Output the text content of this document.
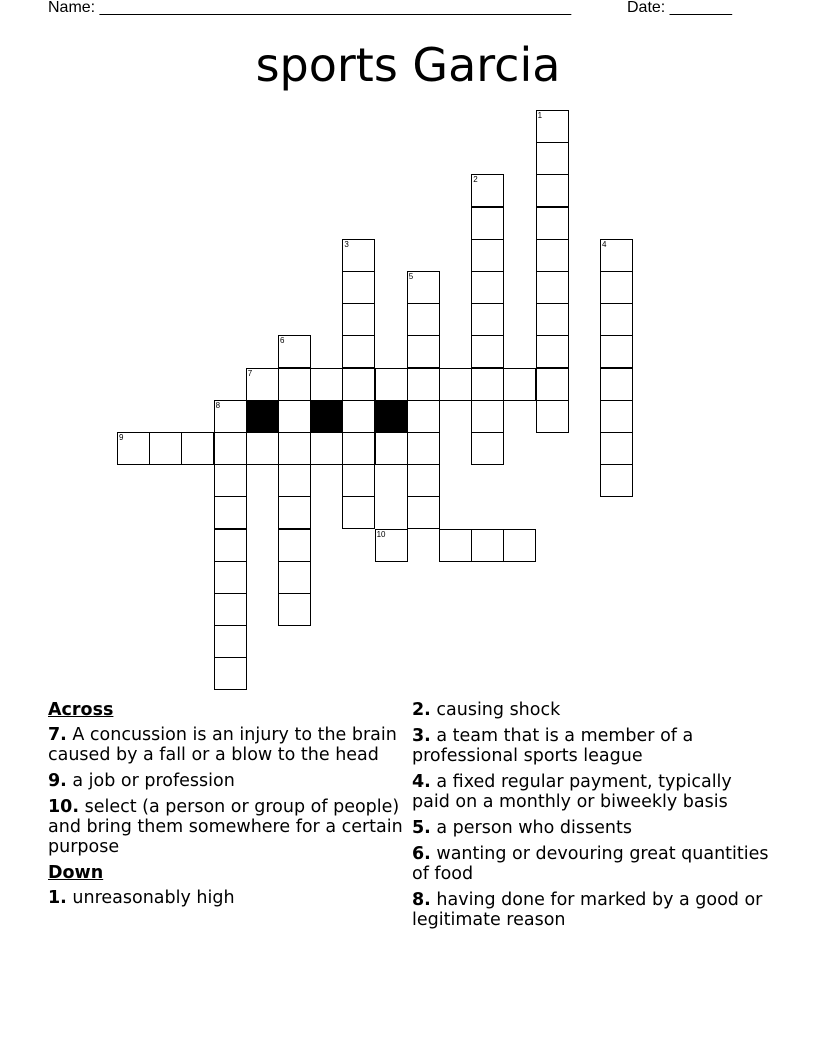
Name: _____________________________________________________	Date: _______
sports Garcia
1
2
3	4
5
6
7
8
9
10
Across
7. A concussion is an injury to the brain caused by a fall or a blow to the head
9. a job or profession
10. select (a person or group of people) and bring them somewhere for a certain purpose
Down
1. unreasonably high
2. causing shock
3. a team that is a member of a professional sports league
4. a fixed regular payment, typically paid on a monthly or biweekly basis
5. a person who dissents
6. wanting or devouring great quantities of food
8. having done for marked by a good or legitimate reason
